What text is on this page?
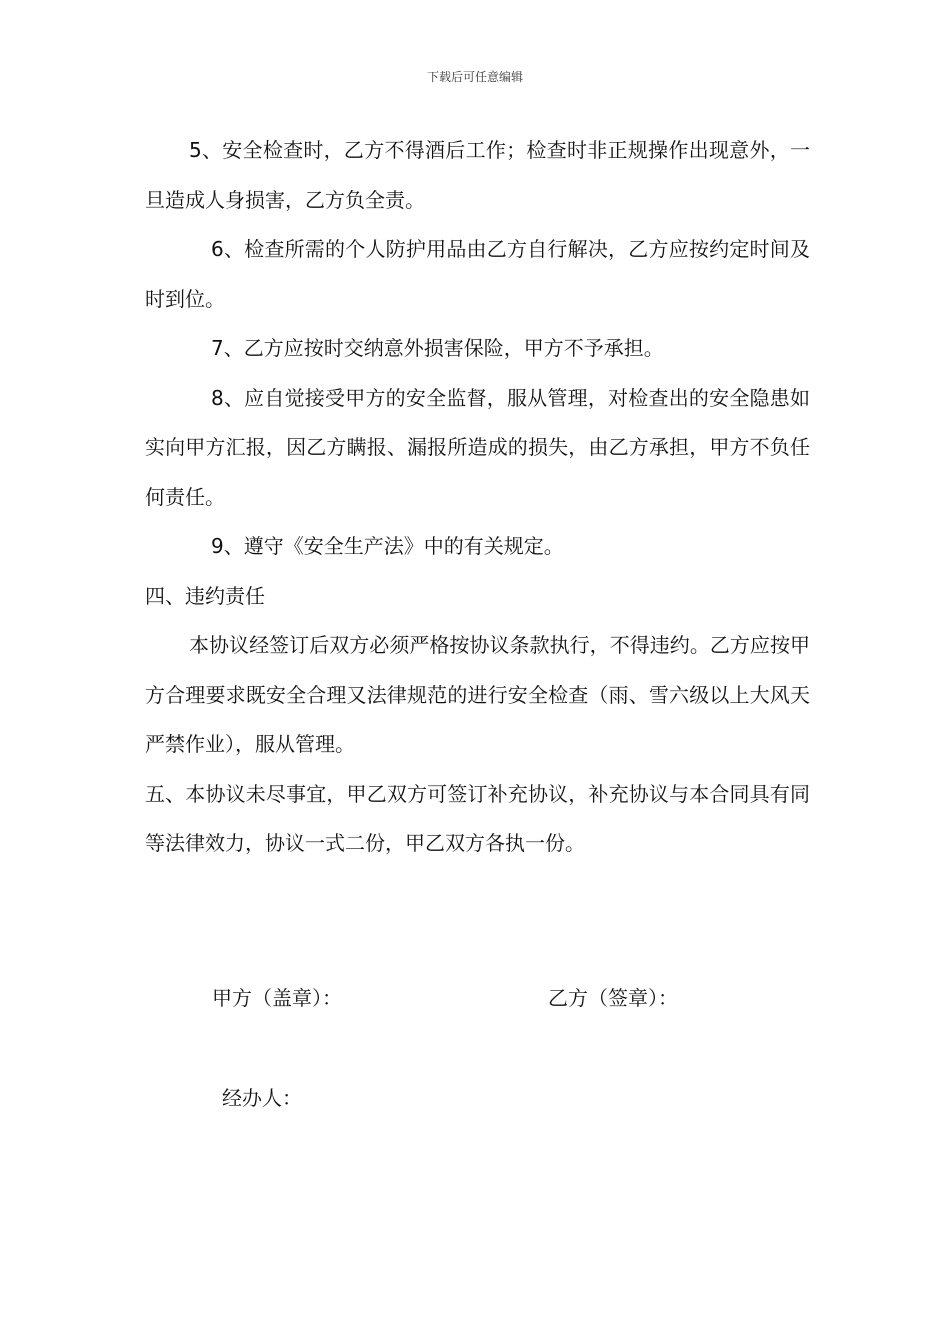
下载后可任意编辑

5、安全检查时，乙方不得酒后工作；检查时非正规操作出现意外，一旦造成人身损害，乙方负全责。

6、检查所需的个人防护用品由乙方自行解决，乙方应按约定时间及时到位。

7、乙方应按时交纳意外损害保险，甲方不予承担。

8、应自觉接受甲方的安全监督，服从管理，对检查出的安全隐患如实向甲方汇报，因乙方瞒报、漏报所造成的损失，由乙方承担，甲方不负任何责任。

9、遵守《安全生产法》中的有关规定。

四、违约责任

本协议经签订后双方必须严格按协议条款执行，不得违约。乙方应按甲方合理要求既安全合理又法律规范的进行安全检查（雨、雪六级以上大风天严禁作业），服从管理。

五、本协议未尽事宜，甲乙双方可签订补充协议，补充协议与本合同具有同等法律效力，协议一式二份，甲乙双方各执一份。

甲方（盖章）：	乙方（签章）：
经办人：
